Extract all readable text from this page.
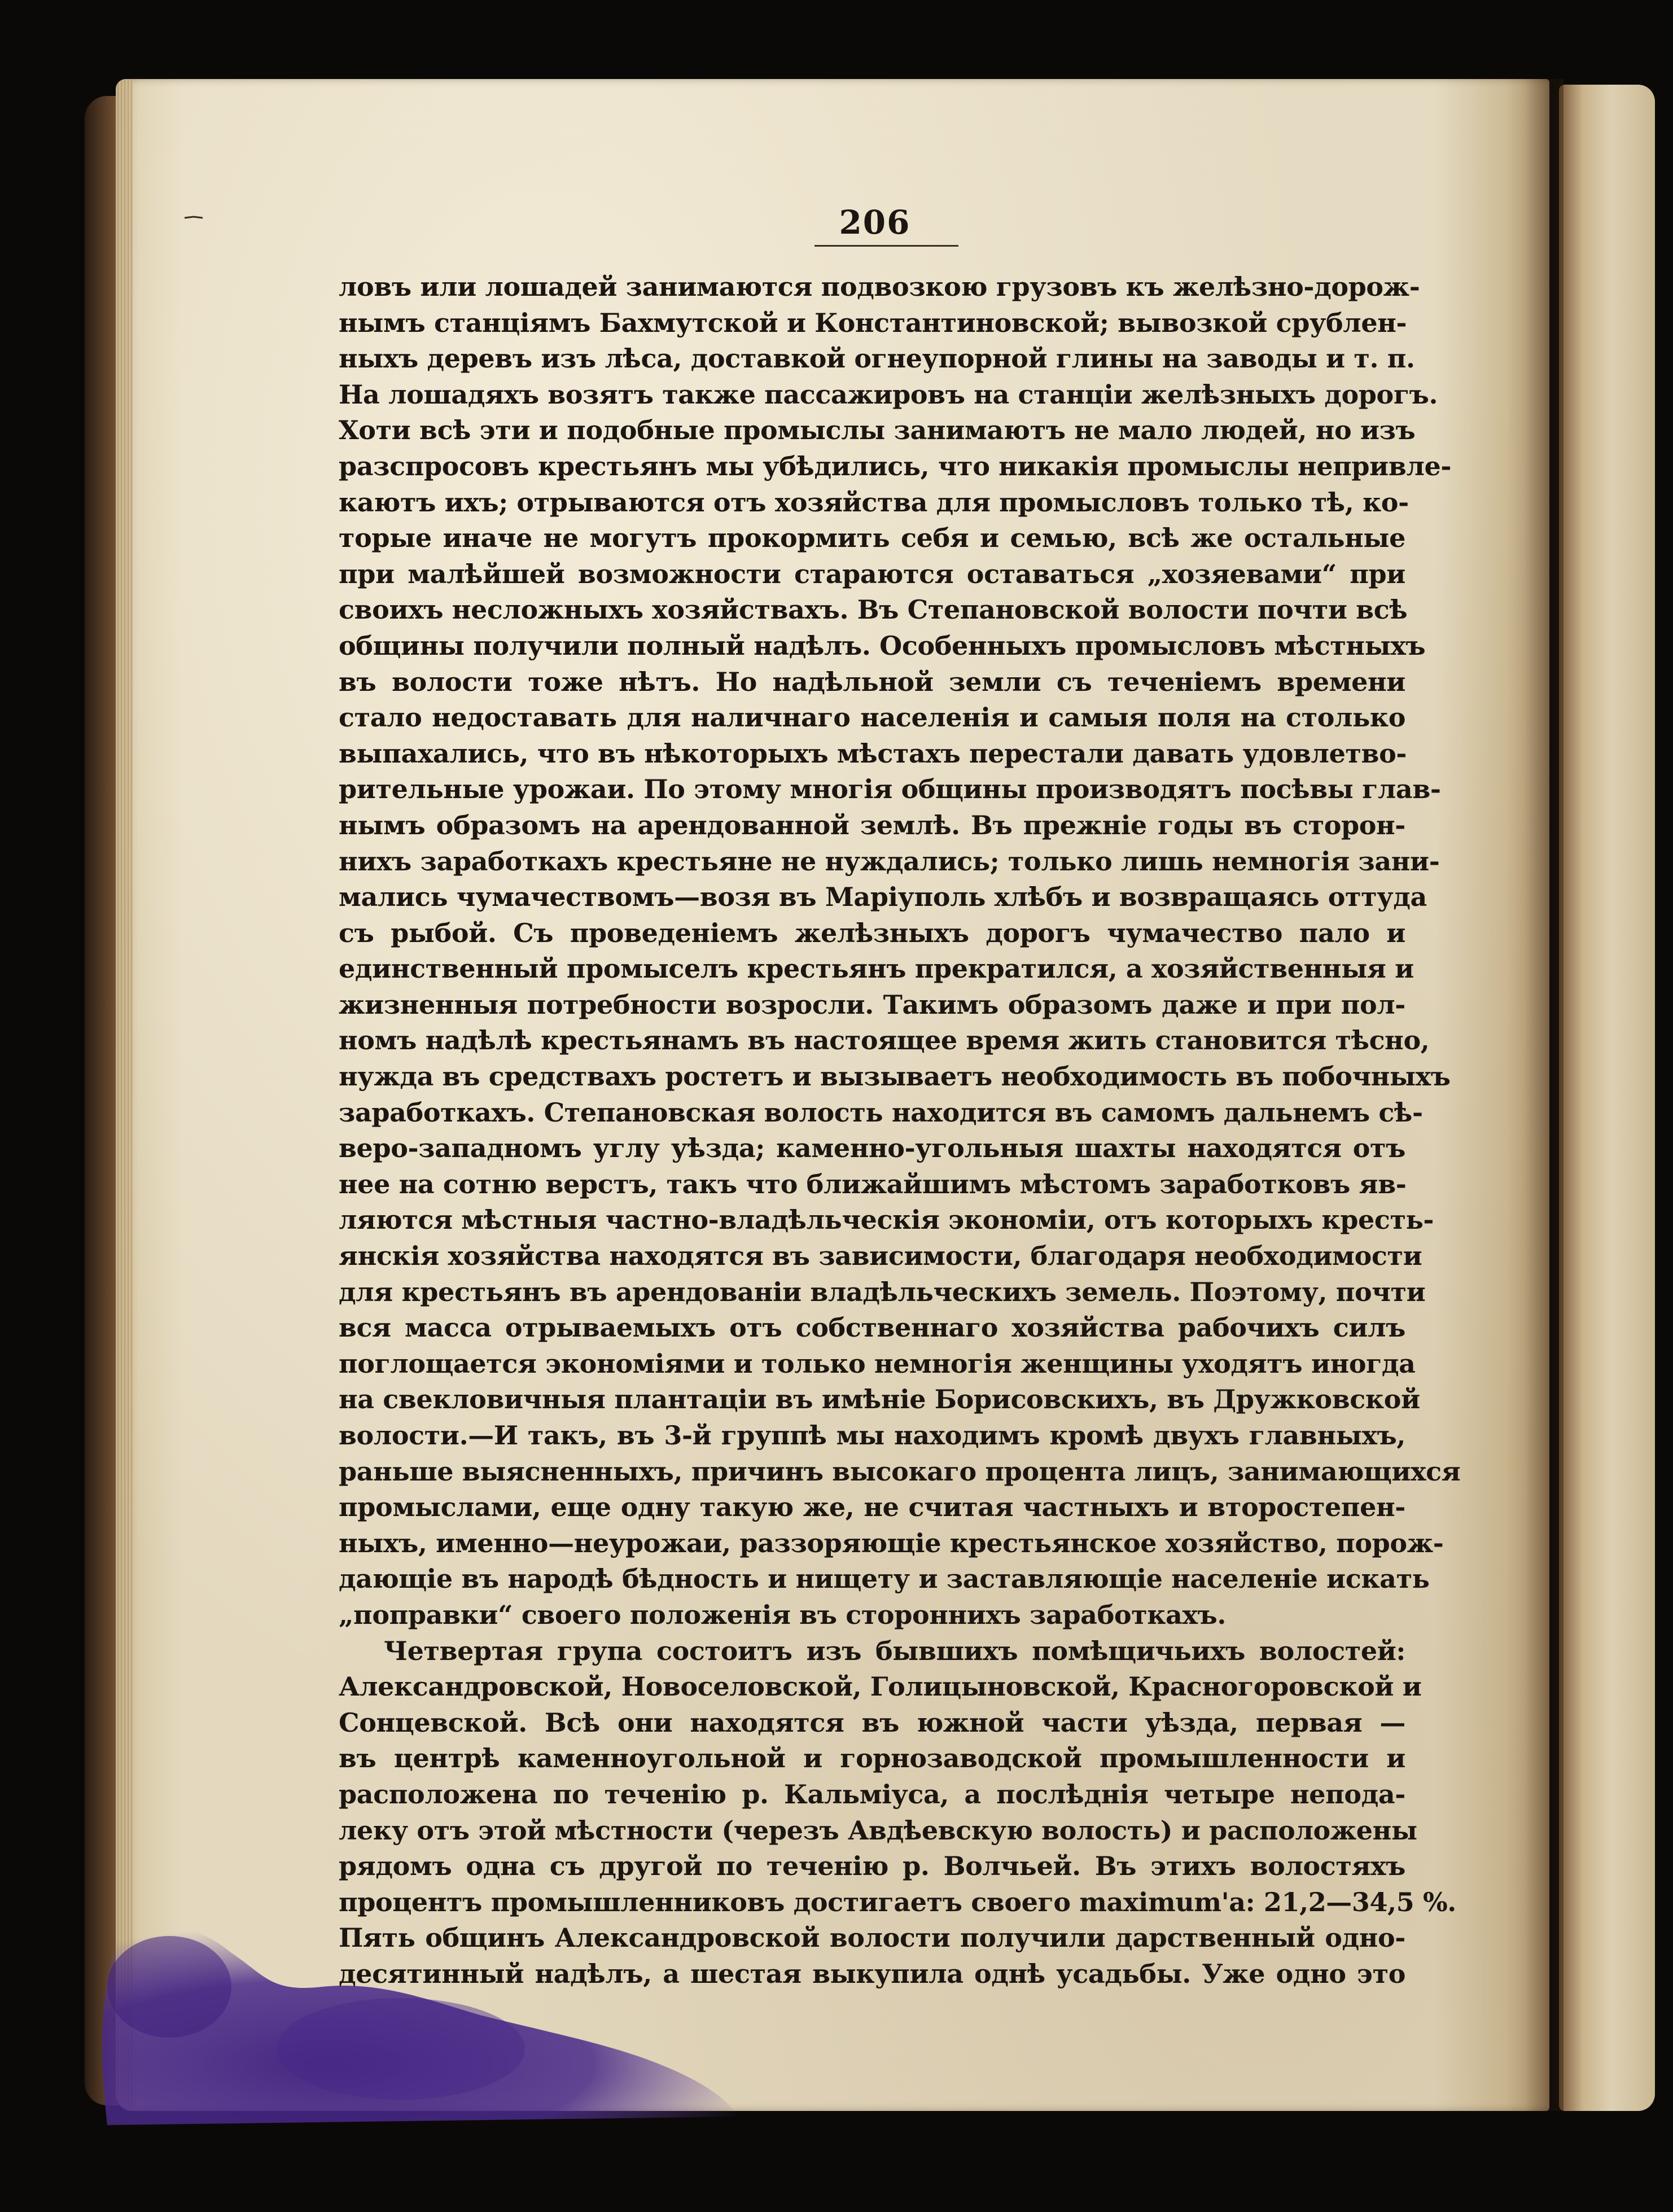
206
ловъ или лошадей занимаются подвозкою грузовъ къ желѣзно-дорож-
нымъ станціямъ Бахмутской и Константиновской; вывозкой срублен-
ныхъ деревъ изъ лѣса, доставкой огнеупорной глины на заводы и т. п.
На лошадяхъ возятъ также пассажировъ на станціи желѣзныхъ дорогъ.
Хоти всѣ эти и подобные промыслы занимаютъ не мало людей, но изъ
разспросовъ крестьянъ мы убѣдились, что никакія промыслы непривле-
каютъ ихъ; отрываются отъ хозяйства для промысловъ только тѣ, ко-
торые иначе не могутъ прокормить себя и семью, всѣ же остальные
при малѣйшей возможности стараются оставаться „хозяевами“ при
своихъ несложныхъ хозяйствахъ. Въ Степановской волости почти всѣ
общины получили полный надѣлъ. Особенныхъ промысловъ мѣстныхъ
въ волости тоже нѣтъ. Но надѣльной земли съ теченіемъ времени
стало недоставать для наличнаго населенія и самыя поля на столько
выпахались, что въ нѣкоторыхъ мѣстахъ перестали давать удовлетво-
рительные урожаи. По этому многія общины производятъ посѣвы глав-
нымъ образомъ на арендованной землѣ. Въ прежніе годы въ сторон-
нихъ заработкахъ крестьяне не нуждались; только лишь немногія зани-
мались чумачествомъ—возя въ Маріуполь хлѣбъ и возвращаясь оттуда
съ рыбой. Съ проведеніемъ желѣзныхъ дорогъ чумачество пало и
единственный промыселъ крестьянъ прекратился, а хозяйственныя и
жизненныя потребности возросли. Такимъ образомъ даже и при пол-
номъ надѣлѣ крестьянамъ въ настоящее время жить становится тѣсно,
нужда въ средствахъ ростетъ и вызываетъ необходимость въ побочныхъ
заработкахъ. Степановская волость находится въ самомъ дальнемъ сѣ-
веро-западномъ углу уѣзда; каменно-угольныя шахты находятся отъ
нее на сотню верстъ, такъ что ближайшимъ мѣстомъ заработковъ яв-
ляются мѣстныя частно-владѣльческія экономіи, отъ которыхъ кресть-
янскія хозяйства находятся въ зависимости, благодаря необходимости
для крестьянъ въ арендованіи владѣльческихъ земель. Поэтому, почти
вся масса отрываемыхъ отъ собственнаго хозяйства рабочихъ силъ
поглощается экономіями и только немногія женщины уходятъ иногда
на свекловичныя плантаціи въ имѣніе Борисовскихъ, въ Дружковской
волости.—И такъ, въ 3-й группѣ мы находимъ кромѣ двухъ главныхъ,
раньше выясненныхъ, причинъ высокаго процента лицъ, занимающихся
промыслами, еще одну такую же, не считая частныхъ и второстепен-
ныхъ, именно—неурожаи, раззоряющіе крестьянское хозяйство, порож-
дающіе въ народѣ бѣдность и нищету и заставляющіе населеніе искать
„поправки“ своего положенія въ стороннихъ заработкахъ.
Четвертая група состоитъ изъ бывшихъ помѣщичьихъ волостей:
Александровской, Новоселовской, Голицыновской, Красногоровской и
Сонцевской. Всѣ они находятся въ южной части уѣзда, первая —
въ центрѣ каменноугольной и горнозаводской промышленности и
расположена по теченію р. Кальміуса, а послѣднія четыре непода-
леку отъ этой мѣстности (черезъ Авдѣевскую волость) и расположены
рядомъ одна съ другой по теченію р. Волчьей. Въ этихъ волостяхъ
процентъ промышленниковъ достигаетъ своего maximum'а: 21,2—34,5 %.
Пять общинъ Александровской волости получили дарственный одно-
десятинный надѣлъ, а шестая выкупила однѣ усадьбы. Уже одно это
